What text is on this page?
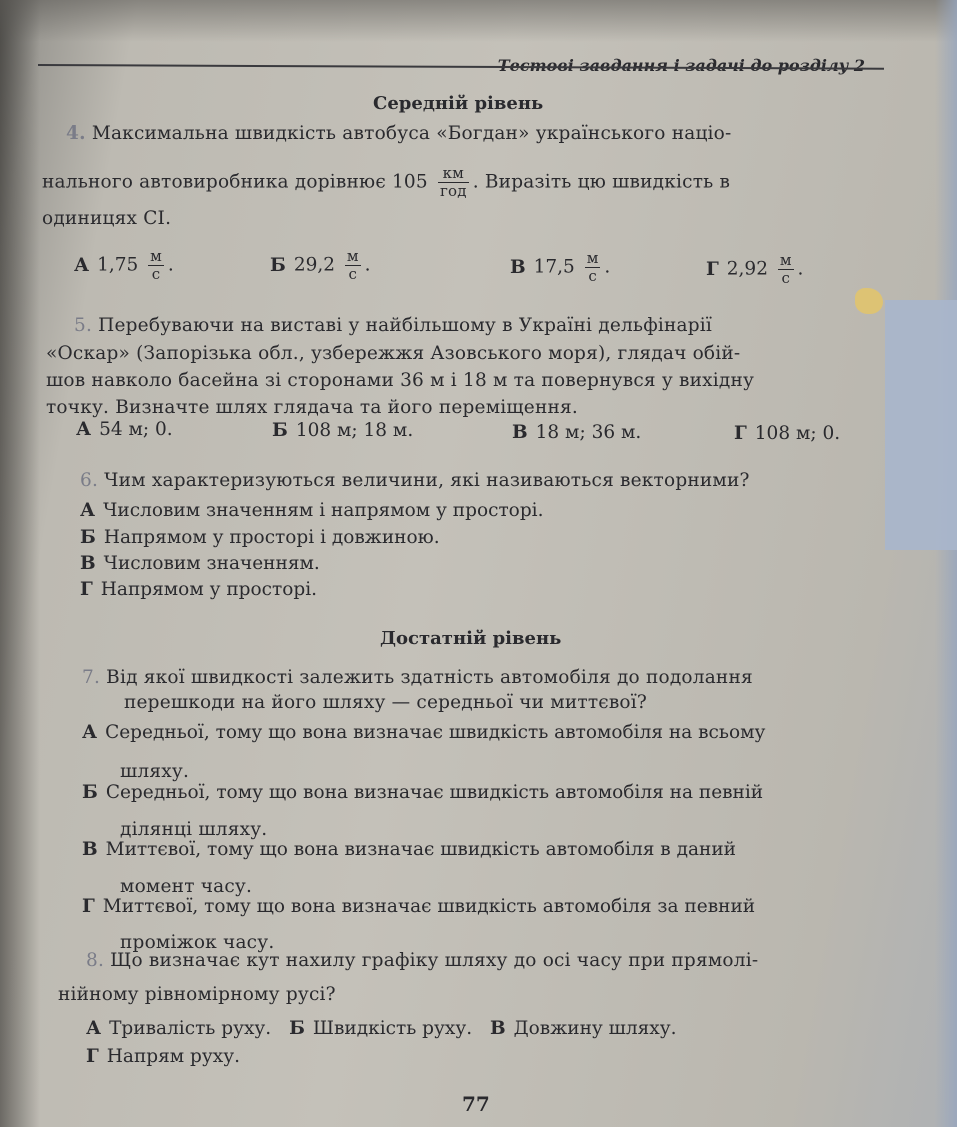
Тестові завдання і задачі до розділу 2
Середній рівень
4. Максимальна швидкість автобуса «Богдан» українського націо-
нального автовиробника дорівнює $105 \frac{км}{\text{год}}$ . Виразіть цю швидкість в
одиницях СІ.
А $1,75 \frac{м}{с}$ .	Б $29,2 \frac{м}{с}$ .	В $17,5 \frac{м}{с}$ .	Г $2,92 \frac{м}{с}$ .
5. Перебуваючи на виставі у найбільшому в Україні дельфінарії
«Оскар» (Запорізька обл., узбережжя Азовського моря), глядач обій-
шов навколо басейна зі сторонами 36 м і 18 м та повернувся у вихідну
точку. Визначте шлях глядача та його переміщення.
А 54 м; 0.	Б 108 м; 18 м.	В 18 м; 36 м.	Г 108 м; 0.
6. Чим характеризуються величини, які називаються векторними?
А Числовим значенням і напрямом у просторі.
Б Напрямом у просторі і довжиною.
В Числовим значенням.
Г Напрямом у просторі.
Достатній рівень
7. Від якої швидкості залежить здатність автомобіля до подолання
перешкоди на його шляху — середньої чи миттєвої?
А Середньої, тому що вона визначає швидкість автомобіля на всьому
шляху.
Б Середньої, тому що вона визначає швидкість автомобіля на певній
ділянці шляху.
В Миттєвої, тому що вона визначає швидкість автомобіля в даний
момент часу.
Г Миттєвої, тому що вона визначає швидкість автомобіля за певний
проміжок часу.
8. Що визначає кут нахилу графіку шляху до осі часу при прямолі-
нійному рівномірному русі?
А Тривалість руху. Б Швидкість руху. В Довжину шляху.
Г Напрям руху.
77
